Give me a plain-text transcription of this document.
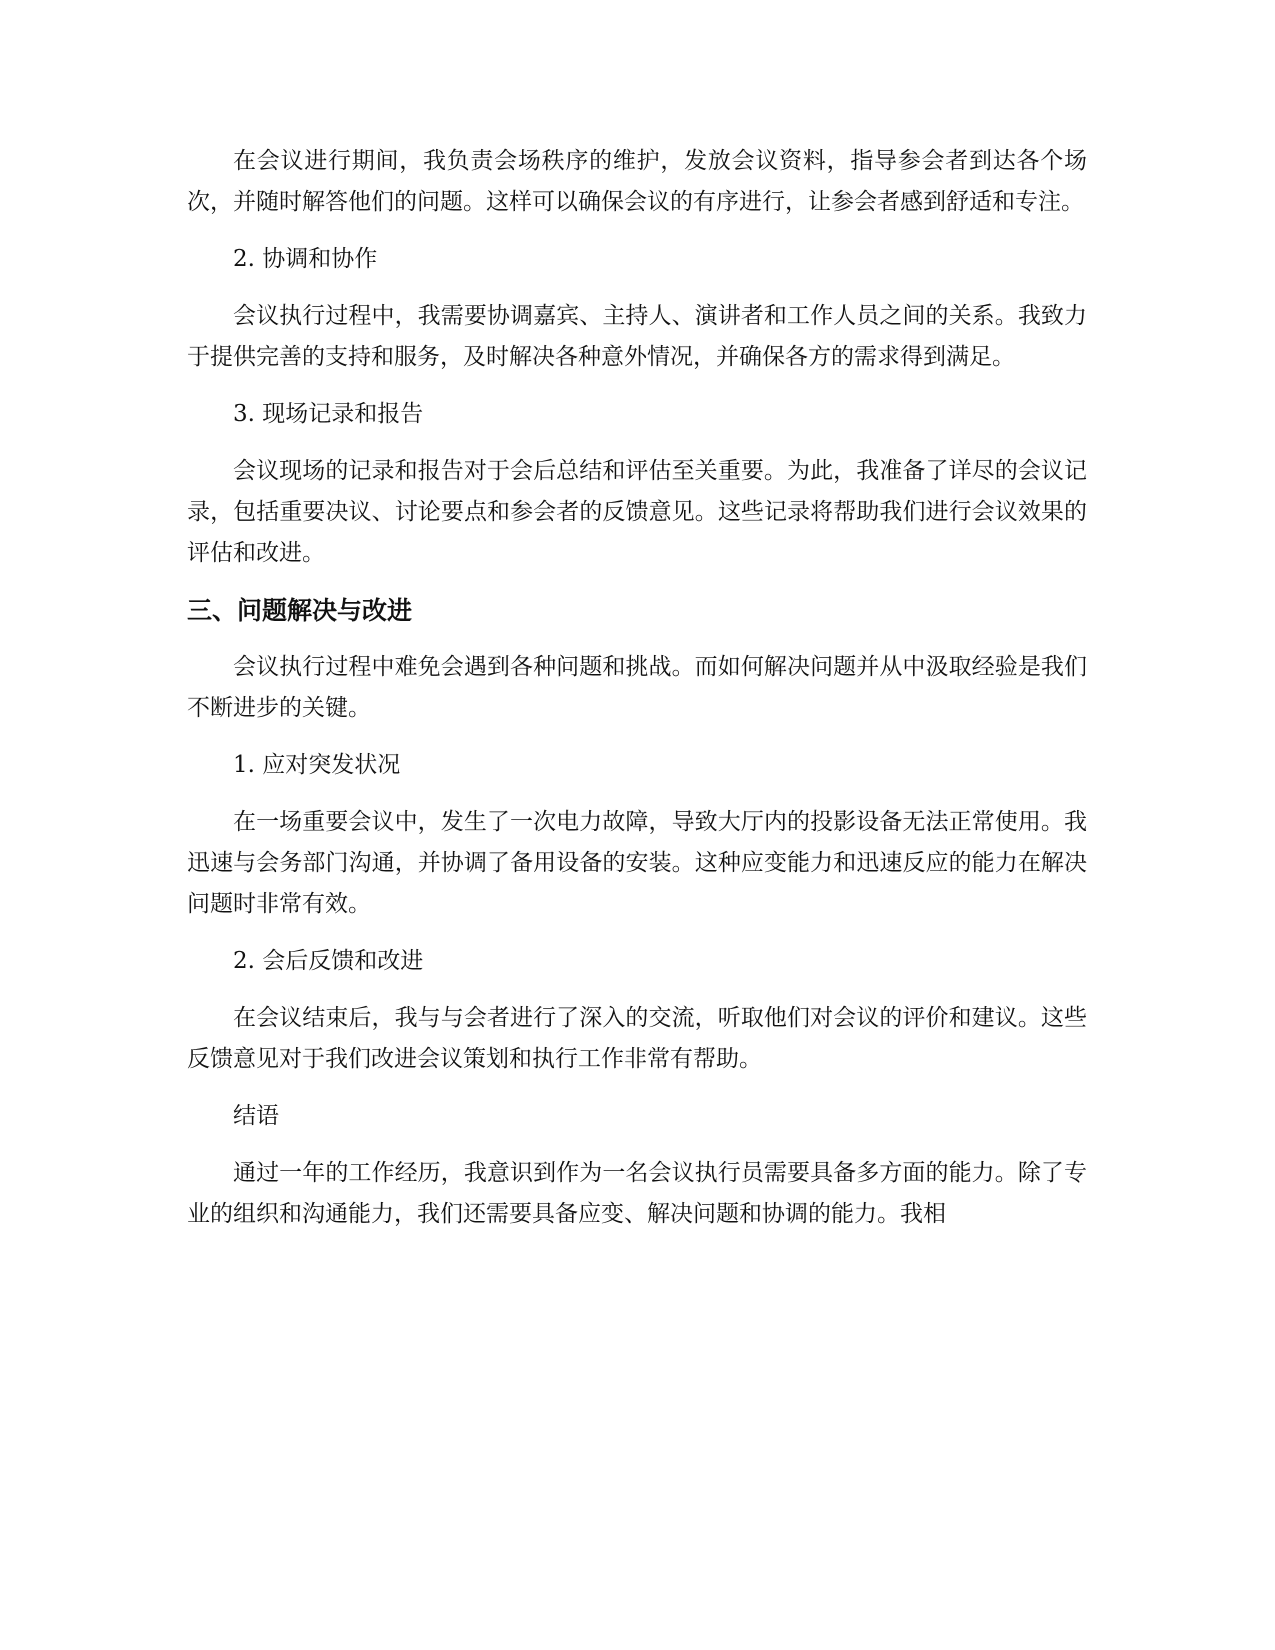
在会议进行期间，我负责会场秩序的维护，发放会议资料，指导参会者到达各个场次，并随时解答他们的问题。这样可以确保会议的有序进行，让参会者感到舒适和专注。

2. 协调和协作

会议执行过程中，我需要协调嘉宾、主持人、演讲者和工作人员之间的关系。我致力于提供完善的支持和服务，及时解决各种意外情况，并确保各方的需求得到满足。

3. 现场记录和报告

会议现场的记录和报告对于会后总结和评估至关重要。为此，我准备了详尽的会议记录，包括重要决议、讨论要点和参会者的反馈意见。这些记录将帮助我们进行会议效果的评估和改进。

三、问题解决与改进

会议执行过程中难免会遇到各种问题和挑战。而如何解决问题并从中汲取经验是我们不断进步的关键。

1. 应对突发状况

在一场重要会议中，发生了一次电力故障，导致大厅内的投影设备无法正常使用。我迅速与会务部门沟通，并协调了备用设备的安装。这种应变能力和迅速反应的能力在解决问题时非常有效。

2. 会后反馈和改进

在会议结束后，我与与会者进行了深入的交流，听取他们对会议的评价和建议。这些反馈意见对于我们改进会议策划和执行工作非常有帮助。

结语

通过一年的工作经历，我意识到作为一名会议执行员需要具备多方面的能力。除了专业的组织和沟通能力，我们还需要具备应变、解决问题和协调的能力。我相
